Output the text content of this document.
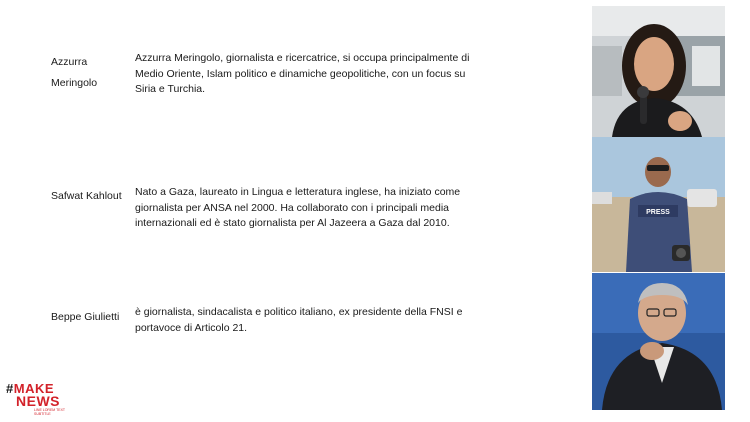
Azzurra
Meringolo
Azzurra Meringolo, giornalista e ricercatrice, si occupa principalmente di Medio Oriente, Islam politico e dinamiche geopolitiche, con un focus su Siria e Turchia.
Safwat Kahlout	Nato a Gaza, laureato in Lingua e letteratura inglese, ha iniziato come giornalista per ANSA nel 2000. Ha collaborato con i principali media internazionali ed è stato giornalista per Al Jazeera a Gaza dal 2010.
Beppe Giulietti	è giornalista, sindacalista e politico italiano, ex presidente della FNSI e portavoce di Articolo 21.
PRESS
#MAKE
NEWS
LINE LOREM TEXT SUBTITLE
